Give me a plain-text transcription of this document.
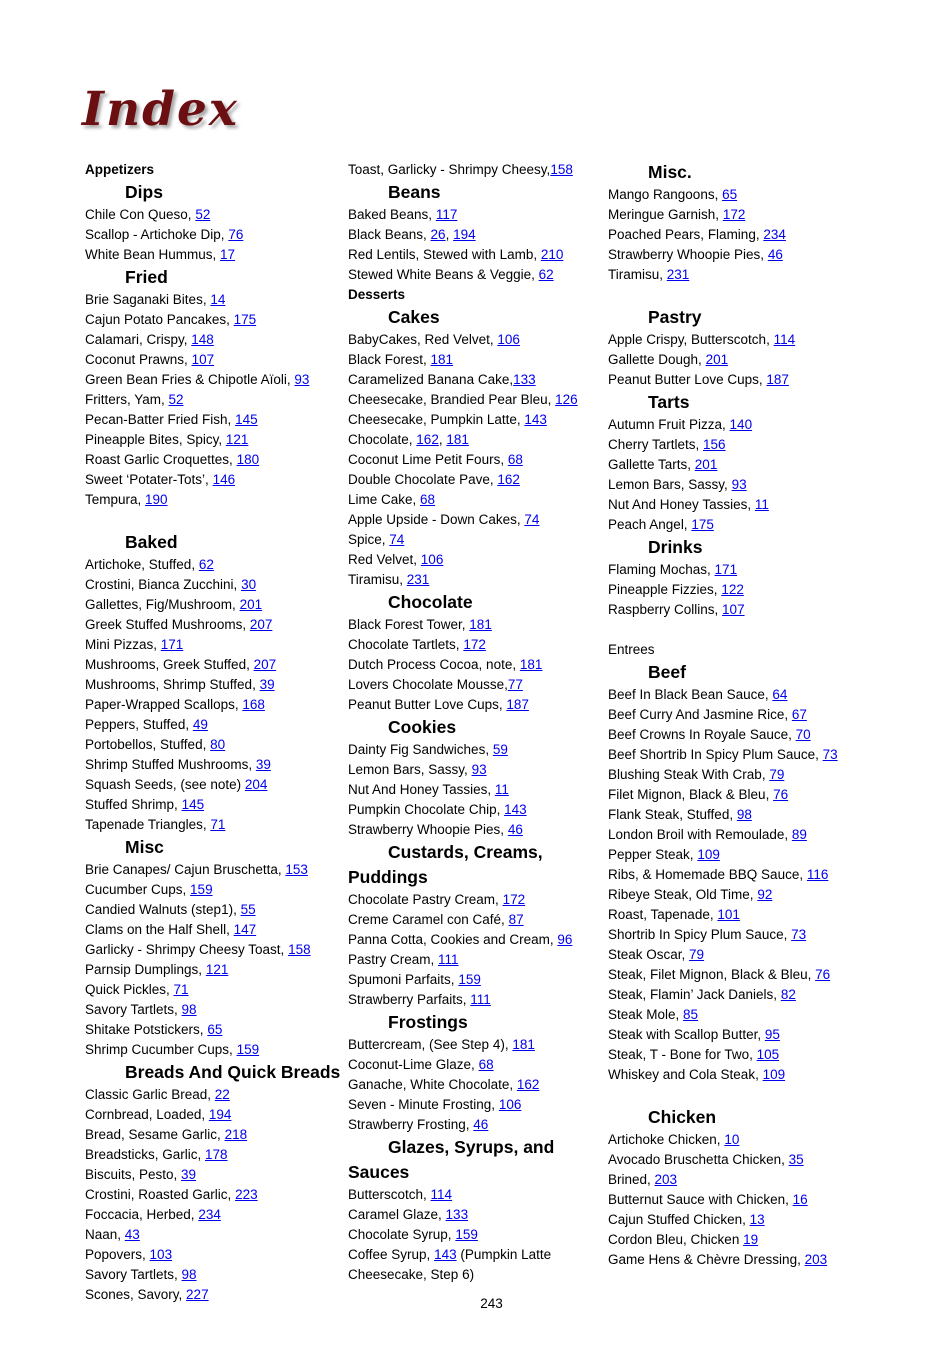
Index
Appetizers
Dips
Chile Con Queso, 52
Scallop - Artichoke Dip, 76
White Bean Hummus, 17
Fried
Brie Saganaki Bites, 14
Cajun Potato Pancakes, 175
Calamari, Crispy, 148
Coconut Prawns, 107
Green Bean Fries & Chipotle Aïoli, 93
Fritters, Yam, 52
Pecan-Batter Fried Fish, 145
Pineapple Bites, Spicy, 121
Roast Garlic Croquettes, 180
Sweet ‘Potater-Tots’, 146
Tempura, 190
Baked
Artichoke, Stuffed, 62
Crostini, Bianca Zucchini, 30
Gallettes, Fig/Mushroom, 201
Greek Stuffed Mushrooms, 207
Mini Pizzas, 171
Mushrooms, Greek Stuffed, 207
Mushrooms, Shrimp Stuffed, 39
Paper-Wrapped Scallops, 168
Peppers, Stuffed, 49
Portobellos, Stuffed, 80
Shrimp Stuffed Mushrooms, 39
Squash Seeds, (see note) 204
Stuffed Shrimp, 145
Tapenade Triangles, 71
Misc
Brie Canapes/ Cajun Bruschetta, 153
Cucumber Cups, 159
Candied Walnuts (step1), 55
Clams on the Half Shell, 147
Garlicky - Shrimpy Cheesy Toast, 158
Parnsip Dumplings, 121
Quick Pickles, 71
Savory Tartlets, 98
Shitake Potstickers, 65
Shrimp Cucumber Cups, 159
Breads And Quick Breads
Classic Garlic Bread, 22
Cornbread, Loaded, 194
Bread, Sesame Garlic, 218
Breadsticks, Garlic, 178
Biscuits, Pesto, 39
Crostini, Roasted Garlic, 223
Foccacia, Herbed, 234
Naan, 43
Popovers, 103
Savory Tartlets, 98
Scones, Savory, 227
Toast, Garlicky - Shrimpy Cheesy,158
Beans
Baked Beans, 117
Black Beans, 26, 194
Red Lentils, Stewed with Lamb, 210
Stewed White Beans & Veggie, 62
Desserts
Cakes
BabyCakes, Red Velvet, 106
Black Forest, 181
Caramelized Banana Cake,133
Cheesecake, Brandied Pear Bleu, 126
Cheesecake, Pumpkin Latte, 143
Chocolate, 162, 181
Coconut Lime Petit Fours, 68
Double Chocolate Pave, 162
Lime Cake, 68
Apple Upside - Down Cakes, 74
Spice, 74
Red Velvet, 106
Tiramisu, 231
Chocolate
Black Forest Tower, 181
Chocolate Tartlets, 172
Dutch Process Cocoa, note, 181
Lovers Chocolate Mousse,77
Peanut Butter Love Cups, 187
Cookies
Dainty Fig Sandwiches, 59
Lemon Bars, Sassy, 93
Nut And Honey Tassies, 11
Pumpkin Chocolate Chip, 143
Strawberry Whoopie Pies, 46
Custards, Creams, Puddings
Chocolate Pastry Cream, 172
Creme Caramel con Café, 87
Panna Cotta, Cookies and Cream, 96
Pastry Cream, 111
Spumoni Parfaits, 159
Strawberry Parfaits, 111
Frostings
Buttercream, (See Step 4), 181
Coconut-Lime Glaze, 68
Ganache, White Chocolate, 162
Seven - Minute Frosting, 106
Strawberry Frosting, 46
Glazes, Syrups, and Sauces
Butterscotch, 114
Caramel Glaze, 133
Chocolate Syrup, 159
Coffee Syrup, 143 (Pumpkin Latte Cheesecake, Step 6)
Misc.
Mango Rangoons, 65
Meringue Garnish, 172
Poached Pears, Flaming, 234
Strawberry Whoopie Pies, 46
Tiramisu, 231
Pastry
Apple Crispy, Butterscotch, 114
Gallette Dough, 201
Peanut Butter Love Cups, 187
Tarts
Autumn Fruit Pizza, 140
Cherry Tartlets, 156
Gallette Tarts, 201
Lemon Bars, Sassy, 93
Nut And Honey Tassies, 11
Peach Angel, 175
Drinks
Flaming Mochas, 171
Pineapple Fizzies, 122
Raspberry Collins, 107
Entrees
Beef
Beef In Black Bean Sauce, 64
Beef Curry And Jasmine Rice, 67
Beef Crowns In Royale Sauce, 70
Beef Shortrib In Spicy Plum Sauce, 73
Blushing Steak With Crab, 79
Filet Mignon, Black & Bleu, 76
Flank Steak, Stuffed, 98
London Broil with Remoulade, 89
Pepper Steak, 109
Ribs, & Homemade BBQ Sauce, 116
Ribeye Steak, Old Time, 92
Roast, Tapenade, 101
Shortrib In Spicy Plum Sauce, 73
Steak Oscar, 79
Steak, Filet Mignon, Black & Bleu, 76
Steak, Flamin’ Jack Daniels, 82
Steak Mole, 85
Steak with Scallop Butter, 95
Steak, T - Bone for Two, 105
Whiskey and Cola Steak, 109
Chicken
Artichoke Chicken, 10
Avocado Bruschetta Chicken, 35
Brined, 203
Butternut Sauce with Chicken, 16
Cajun Stuffed Chicken, 13
Cordon Bleu, Chicken 19
Game Hens & Chèvre Dressing, 203
243
